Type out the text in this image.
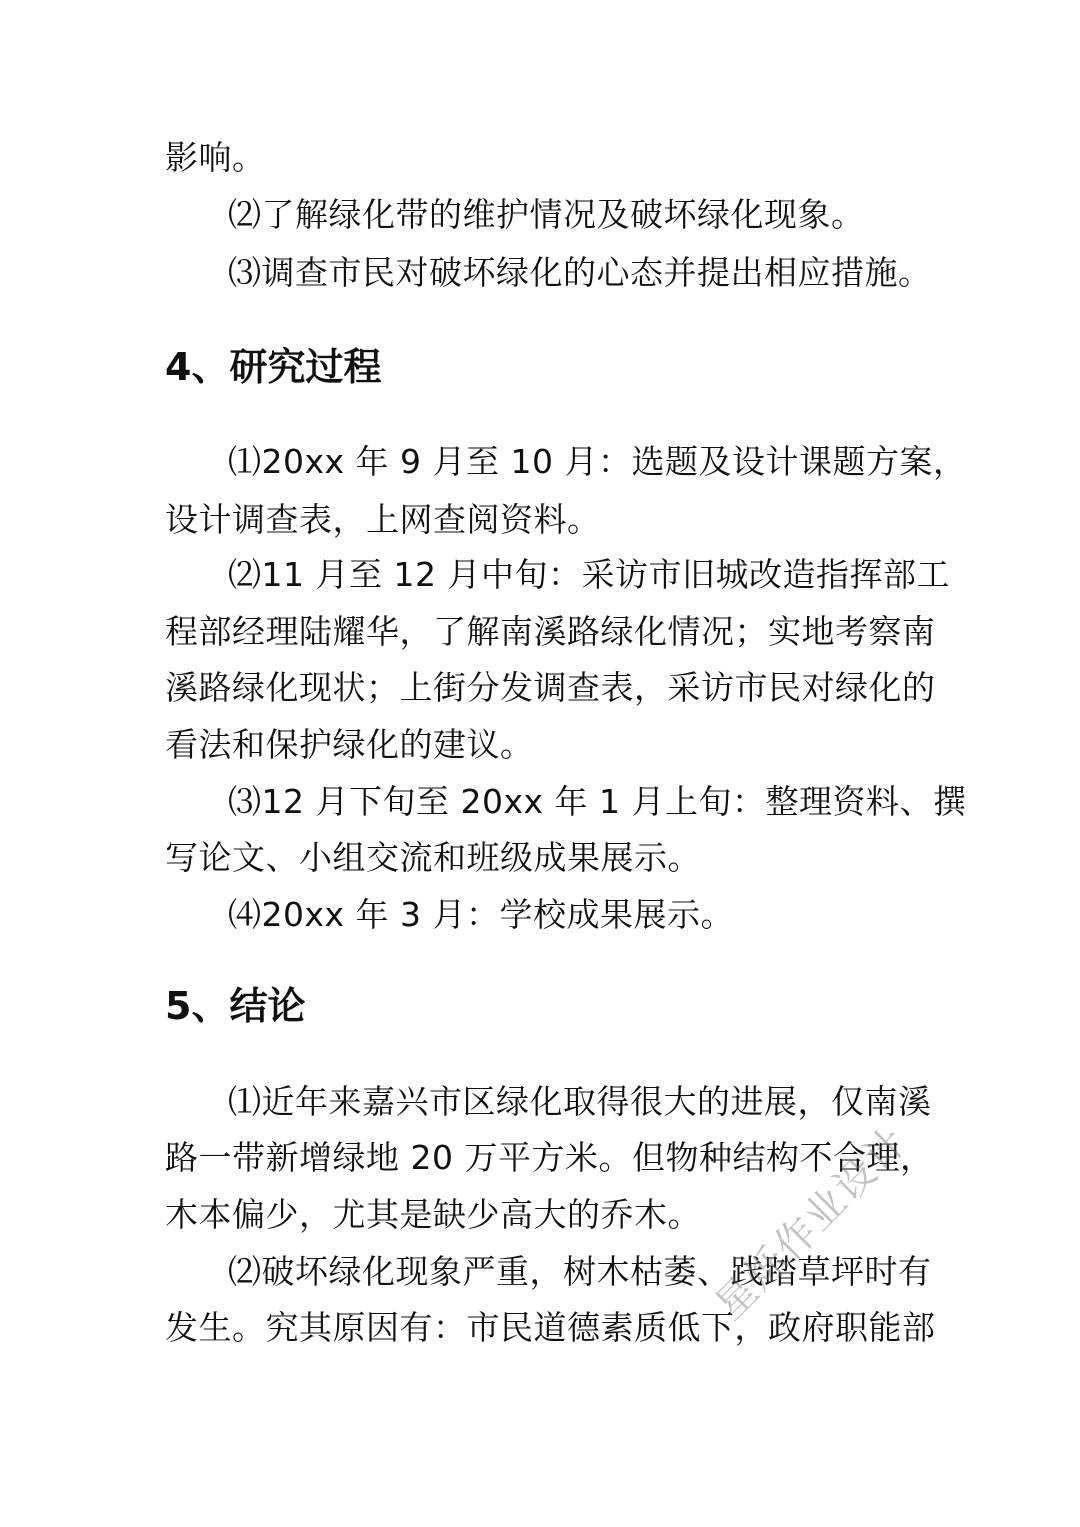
影响。
⑵了解绿化带的维护情况及破坏绿化现象。
⑶调查市民对破坏绿化的心态并提出相应措施。
4、研究过程
⑴20xx 年 9 月至 10 月：选题及设计课题方案，
设计调查表，上网查阅资料。
⑵11 月至 12 月中旬：采访市旧城改造指挥部工
程部经理陆耀华，了解南溪路绿化情况；实地考察南
溪路绿化现状；上街分发调查表，采访市民对绿化的
看法和保护绿化的建议。
⑶12 月下旬至 20xx 年 1 月上旬：整理资料、撰
写论文、小组交流和班级成果展示。
⑷20xx 年 3 月：学校成果展示。
5、结论
⑴近年来嘉兴市区绿化取得很大的进展，仅南溪
路一带新增绿地 20 万平方米。但物种结构不合理，
木本偏少，尤其是缺少高大的乔木。
⑵破坏绿化现象严重，树木枯萎、践踏草坪时有
发生。究其原因有：市民道德素质低下，政府职能部
星烁作业设计
